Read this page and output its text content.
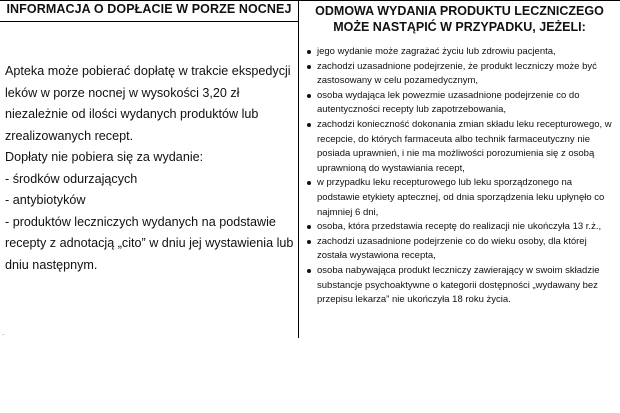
INFORMACJA O DOPŁACIE W PORZE NOCNEJ

Apteka może pobierać dopłatę w trakcie ekspedycji leków w porze nocnej w wysokości 3,20 zł niezależnie od ilości wydanych produktów lub zrealizowanych recept.

Dopłaty nie pobiera się za wydanie:

- środków odurzających
- antybiotyków
- produktów leczniczych wydanych na podstawie recepty z adnotacją „cito” w dniu jej wystawienia lub dniu następnym.
.
ODMOWA WYDANIA PRODUKTU LECZNICZEGO MOŻE NASTĄPIĆ W PRZYPADKU, JEŻELI:
jego wydanie może zagrażać życiu lub zdrowiu pacjenta,
zachodzi uzasadnione podejrzenie, że produkt leczniczy może być zastosowany w celu pozamedycznym,
osoba wydająca lek powezmie uzasadnione podejrzenie co do autentyczności recepty lub zapotrzebowania,
zachodzi konieczność dokonania zmian składu leku recepturowego, w recepcie, do których farmaceuta albo technik farmaceutyczny nie posiada uprawnień, i nie ma możliwości porozumienia się z osobą uprawnioną do wystawiania recept,
w przypadku leku recepturowego lub leku sporządzonego na podstawie etykiety aptecznej, od dnia sporządzenia leku upłynęło co najmniej 6 dni,
osoba, która przedstawia receptę do realizacji nie ukończyła 13 r.ż.,
zachodzi uzasadnione podejrzenie co do wieku osoby, dla której została wystawiona recepta,
osoba nabywająca produkt leczniczy zawierający w swoim składzie substancje psychoaktywne o kategorii dostępności „wydawany bez przepisu lekarza” nie ukończyła 18 roku życia.
